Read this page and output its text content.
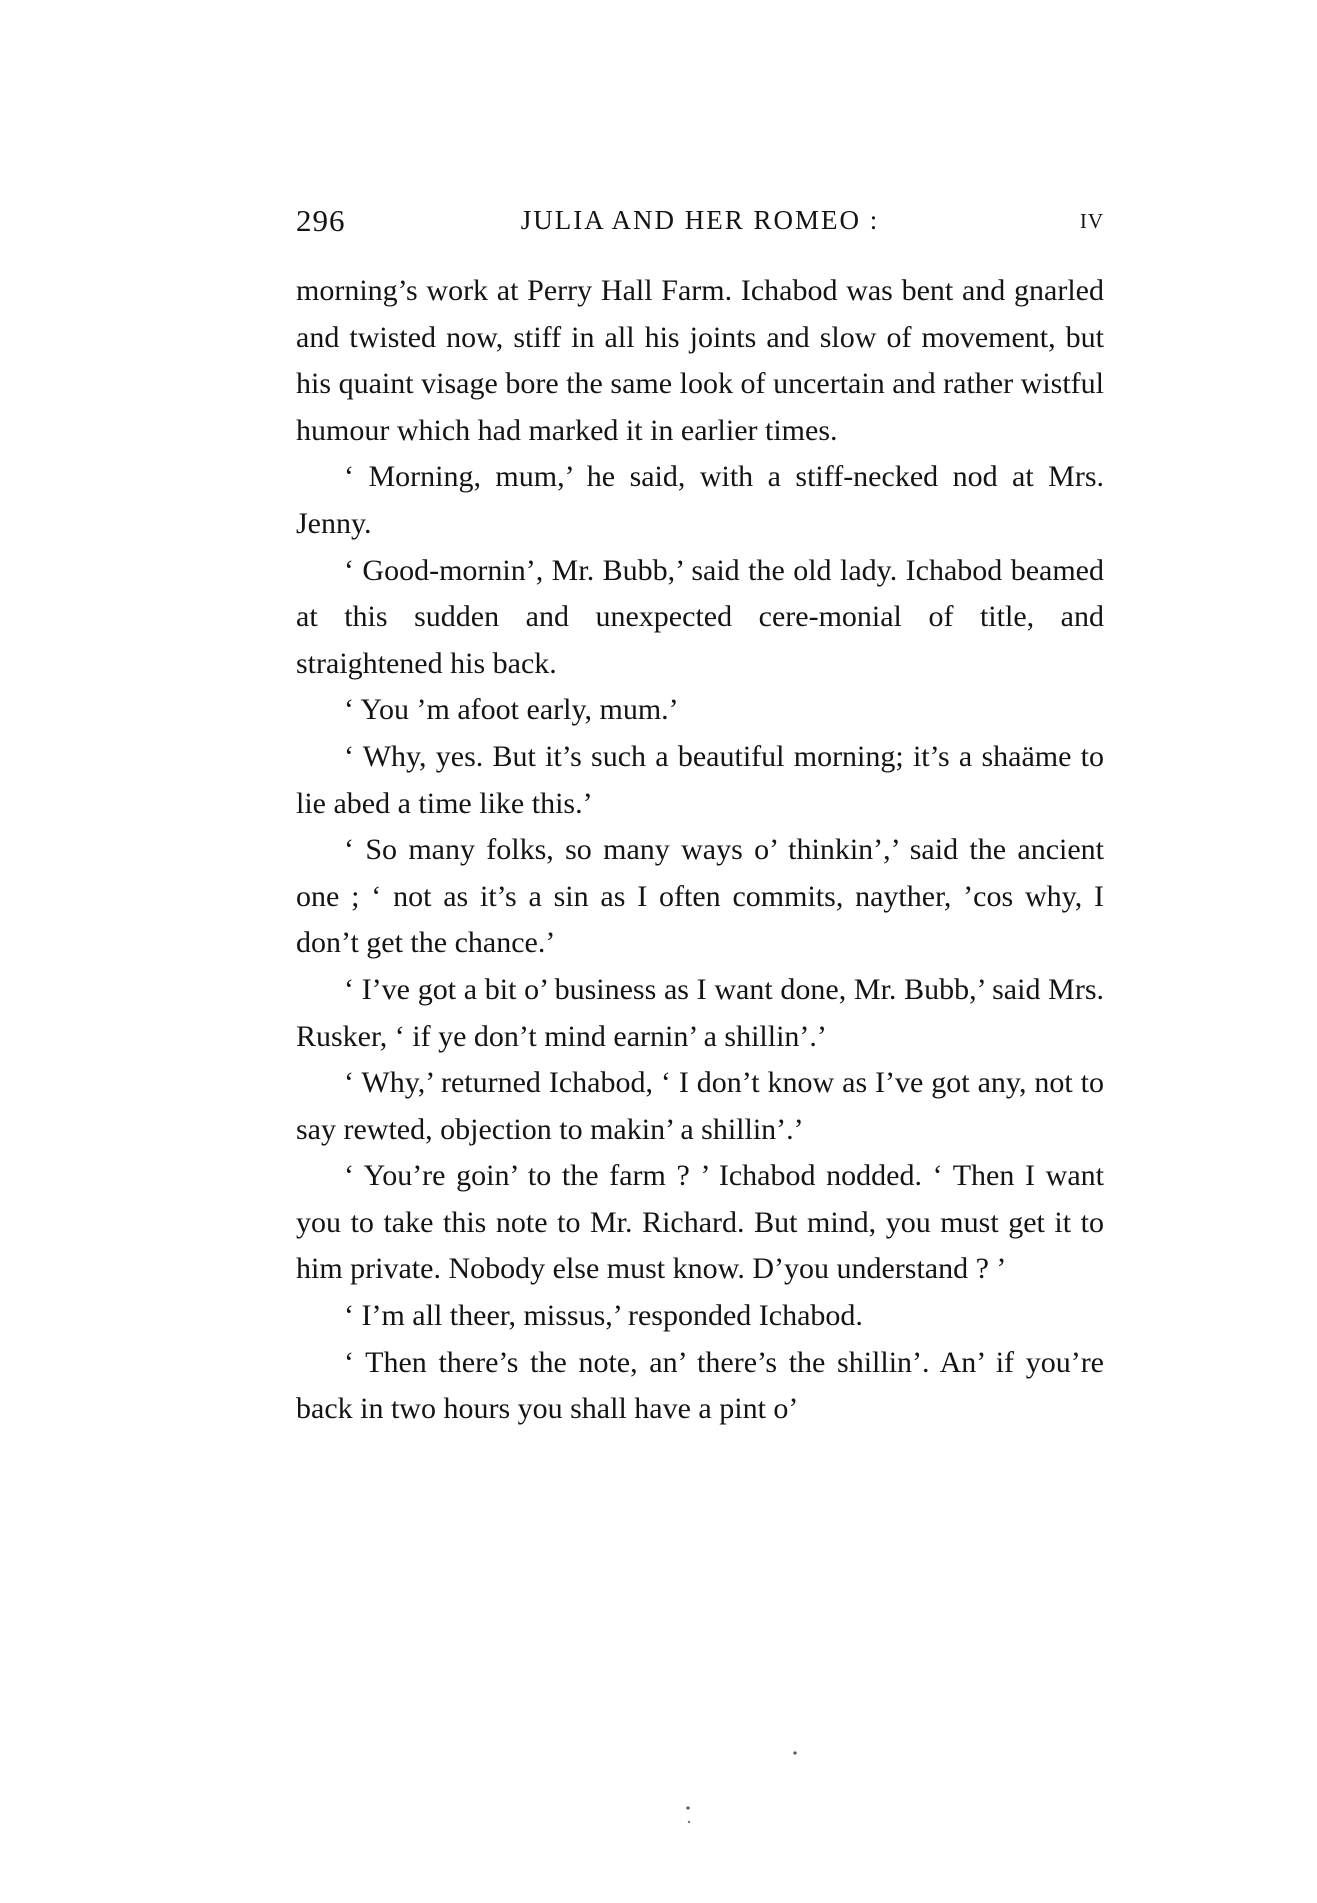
296	JULIA AND HER ROMEO :	IV

morning’s work at Perry Hall Farm. Ichabod was bent and gnarled and twisted now, stiff in all his joints and slow of movement, but his quaint visage bore the same look of uncertain and rather wistful humour which had marked it in earlier times.

‘ Morning, mum,’ he said, with a stiff-necked nod at Mrs. Jenny.

‘ Good-mornin’, Mr. Bubb,’ said the old lady. Ichabod beamed at this sudden and unexpected cere-monial of title, and straightened his back.

‘ You ’m afoot early, mum.’

‘ Why, yes. But it’s such a beautiful morning; it’s a shaäme to lie abed a time like this.’

‘ So many folks, so many ways o’ thinkin’,’ said the ancient one ; ‘ not as it’s a sin as I often commits, nayther, ’cos why, I don’t get the chance.’

‘ I’ve got a bit o’ business as I want done, Mr. Bubb,’ said Mrs. Rusker, ‘ if ye don’t mind earnin’ a shillin’.’

‘ Why,’ returned Ichabod, ‘ I don’t know as I’ve got any, not to say rewted, objection to makin’ a shillin’.’

‘ You’re goin’ to the farm ? ’ Ichabod nodded. ‘ Then I want you to take this note to Mr. Richard. But mind, you must get it to him private. Nobody else must know. D’you understand ? ’

‘ I’m all theer, missus,’ responded Ichabod.

‘ Then there’s the note, an’ there’s the shillin’. An’ if you’re back in two hours you shall have a pint o’
